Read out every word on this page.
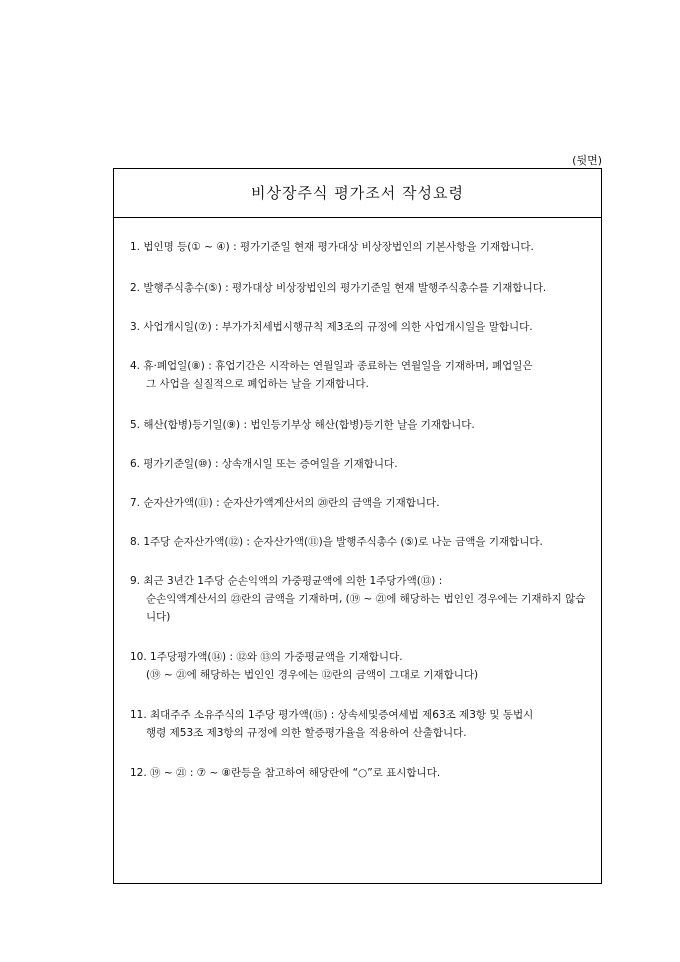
(뒷면)
비상장주식 평가조서 작성요령
1. 법인명 등(① ~ ④) : 평가기준일 현재 평가대상 비상장법인의 기본사항을 기재합니다.
2. 발행주식총수(⑤) : 평가대상 비상장법인의 평가기준일 현재 발행주식총수를 기재합니다.
3. 사업개시일(⑦) : 부가가치세법시행규칙 제3조의 규정에 의한 사업개시일을 말합니다.
4. 휴·폐업일(⑧) : 휴업기간은 시작하는 연월일과 종료하는 연월일을 기재하며, 폐업일은
그 사업을 실질적으로 폐업하는 날을 기재합니다.
5. 해산(합병)등기일(⑨) : 법인등기부상 해산(합병)등기한 날을 기재합니다.
6. 평가기준일(⑩) : 상속개시일 또는 증여일을 기재합니다.
7. 순자산가액(⑪) : 순자산가액계산서의 ⑳란의 금액을 기재합니다.
8. 1주당 순자산가액(⑫) : 순자산가액(⑪)을 발행주식총수 (⑤)로 나눈 금액을 기재합니다.
9. 최근 3년간 1주당 순손익액의 가중평균액에 의한 1주당가액(⑬) :
순손익액계산서의 ㉓란의 금액을 기재하며, (⑲ ~ ㉑에 해당하는 법인인 경우에는 기재하지 않습니다)
10. 1주당평가액(⑭) : ⑫와 ⑬의 가중평균액을 기재합니다.
(⑲ ~ ㉑에 해당하는 법인인 경우에는 ⑫란의 금액이 그대로 기재합니다)
11. 최대주주 소유주식의 1주당 평가액(⑮) : 상속세및증여세법 제63조 제3항 및 동법시
행령 제53조 제3항의 규정에 의한 할증평가율을 적용하여 산출합니다.
12. ⑲ ~ ㉑ : ⑦ ~ ⑧란등을 참고하여 해당란에 “○”로 표시합니다.
